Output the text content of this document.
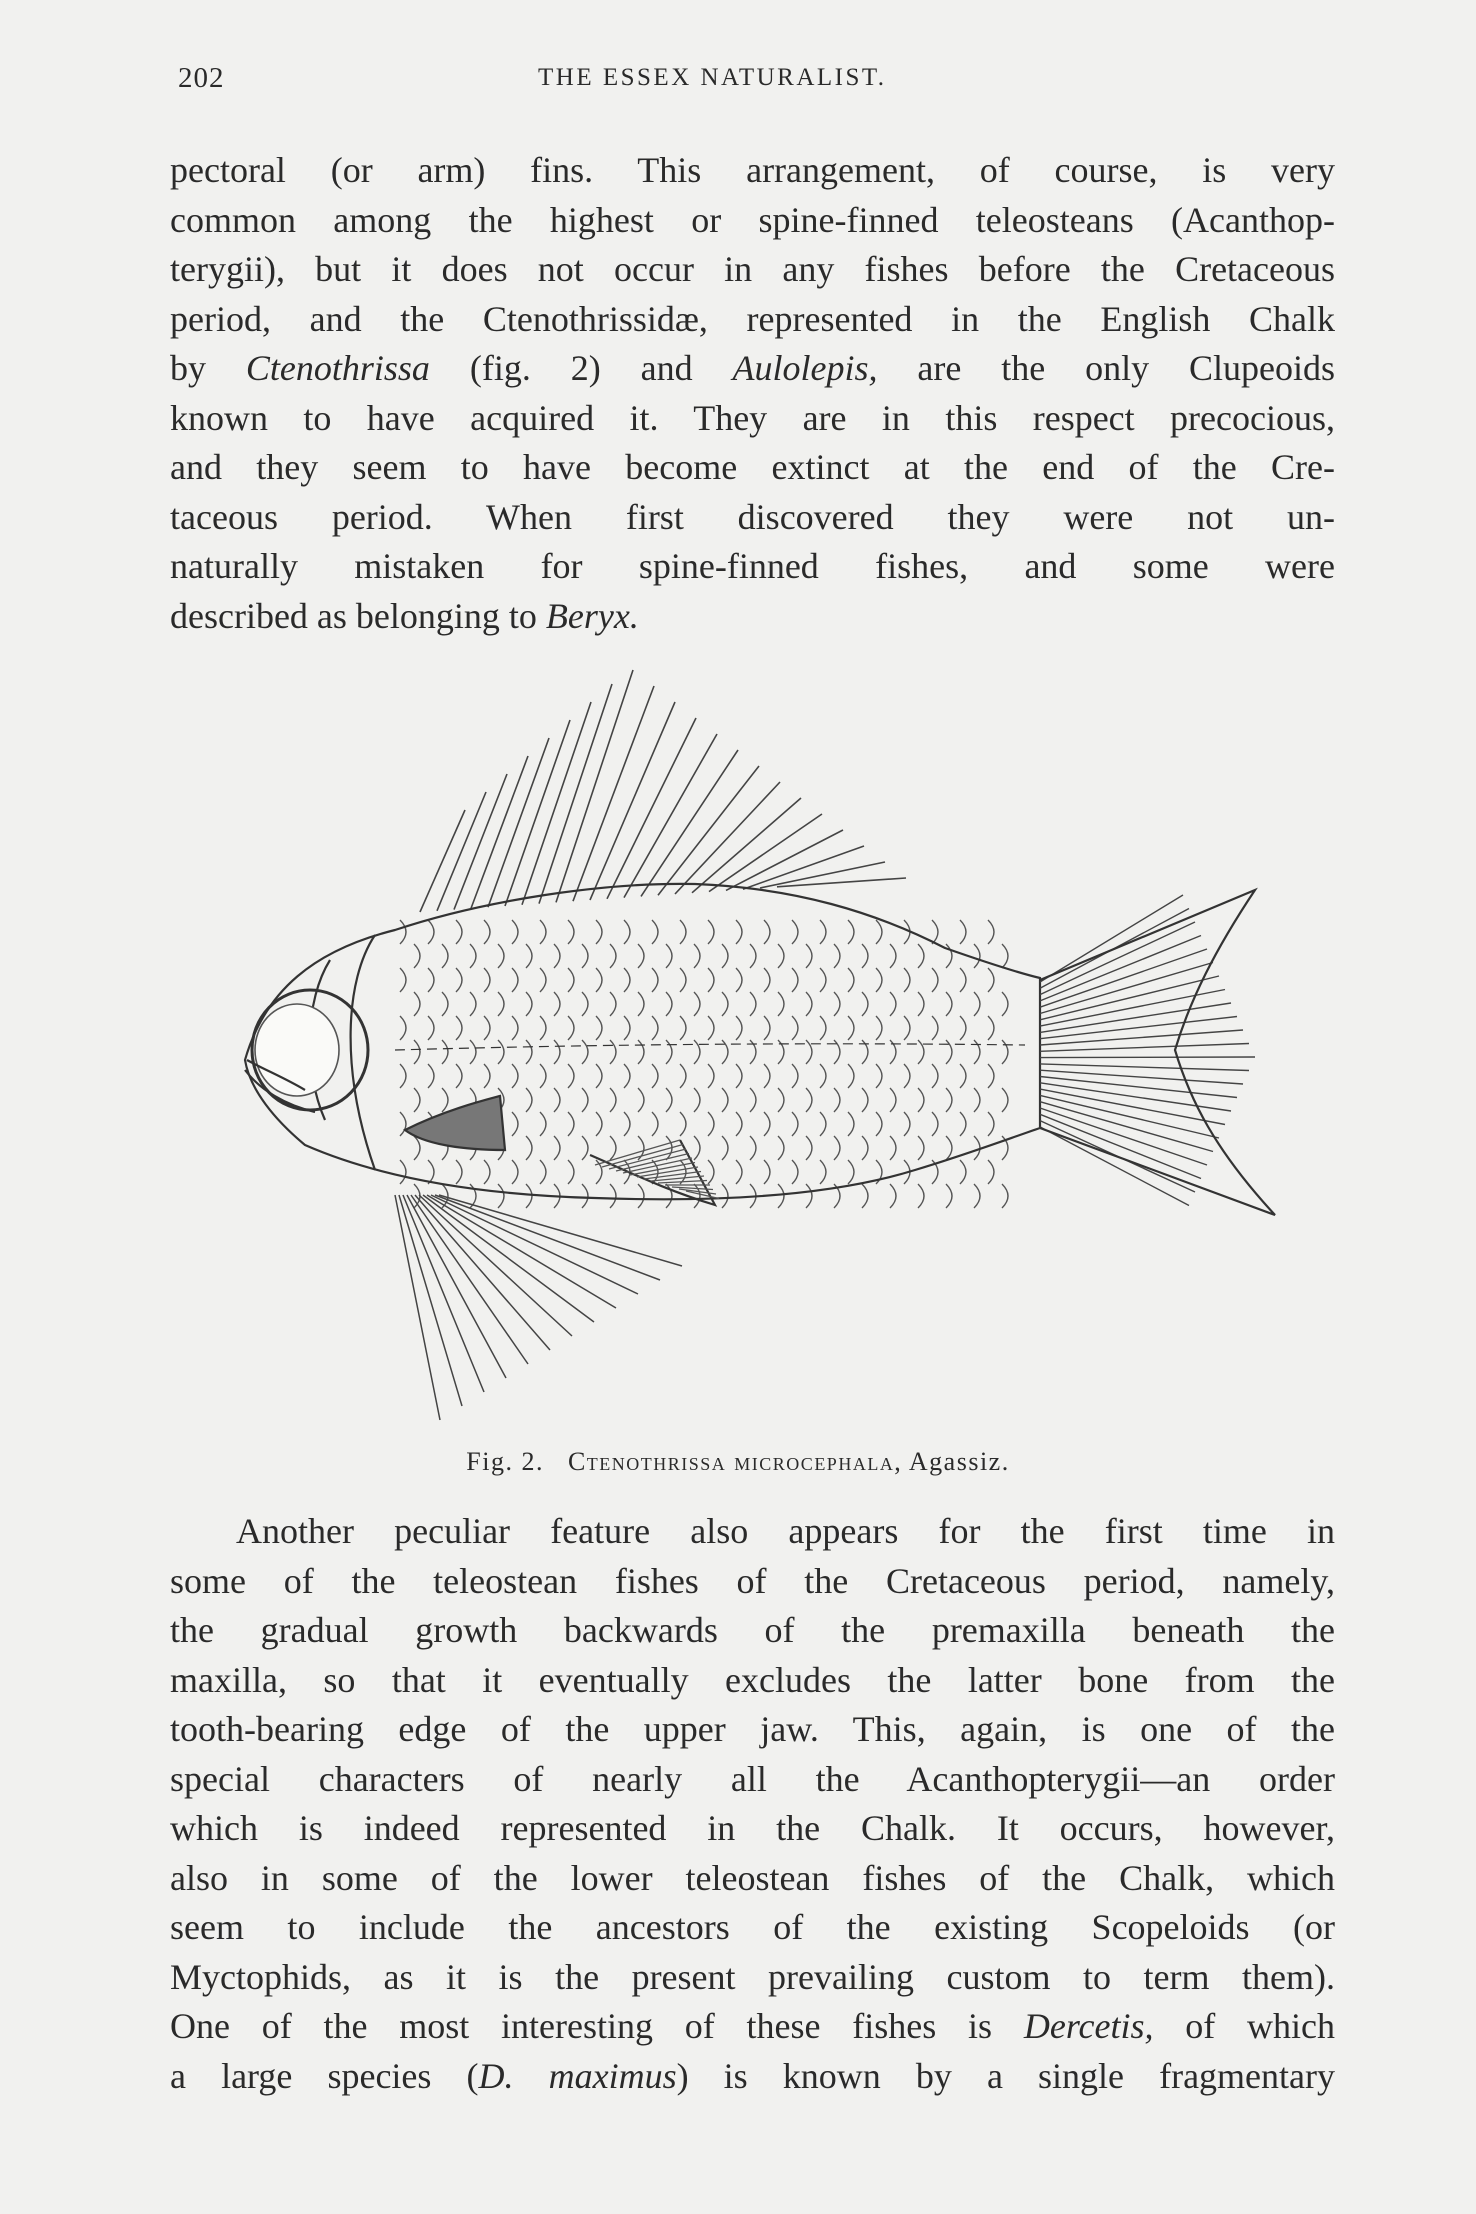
202	THE ESSEX NATURALIST.
pectoral (or arm) fins. This arrangement, of course, is very
common among the highest or spine-finned teleosteans (Acanthop-
terygii), but it does not occur in any fishes before the Cretaceous
period, and the Ctenothrissidæ, represented in the English Chalk
by Ctenothrissa (fig. 2) and Aulolepis, are the only Clupeoids
known to have acquired it. They are in this respect precocious,
and they seem to have become extinct at the end of the Cre-
taceous period. When first discovered they were not un-
naturally mistaken for spine-finned fishes, and some were
described as belonging to Beryx.
Fig. 2. Ctenothrissa microcephala, Agassiz.
Another peculiar feature also appears for the first time in
some of the teleostean fishes of the Cretaceous period, namely,
the gradual growth backwards of the premaxilla beneath the
maxilla, so that it eventually excludes the latter bone from the
tooth-bearing edge of the upper jaw. This, again, is one of the
special characters of nearly all the Acanthopterygii—an order
which is indeed represented in the Chalk. It occurs, however,
also in some of the lower teleostean fishes of the Chalk, which
seem to include the ancestors of the existing Scopeloids (or
Myctophids, as it is the present prevailing custom to term them).
One of the most interesting of these fishes is Dercetis, of which
a large species (D. maximus) is known by a single fragmentary
